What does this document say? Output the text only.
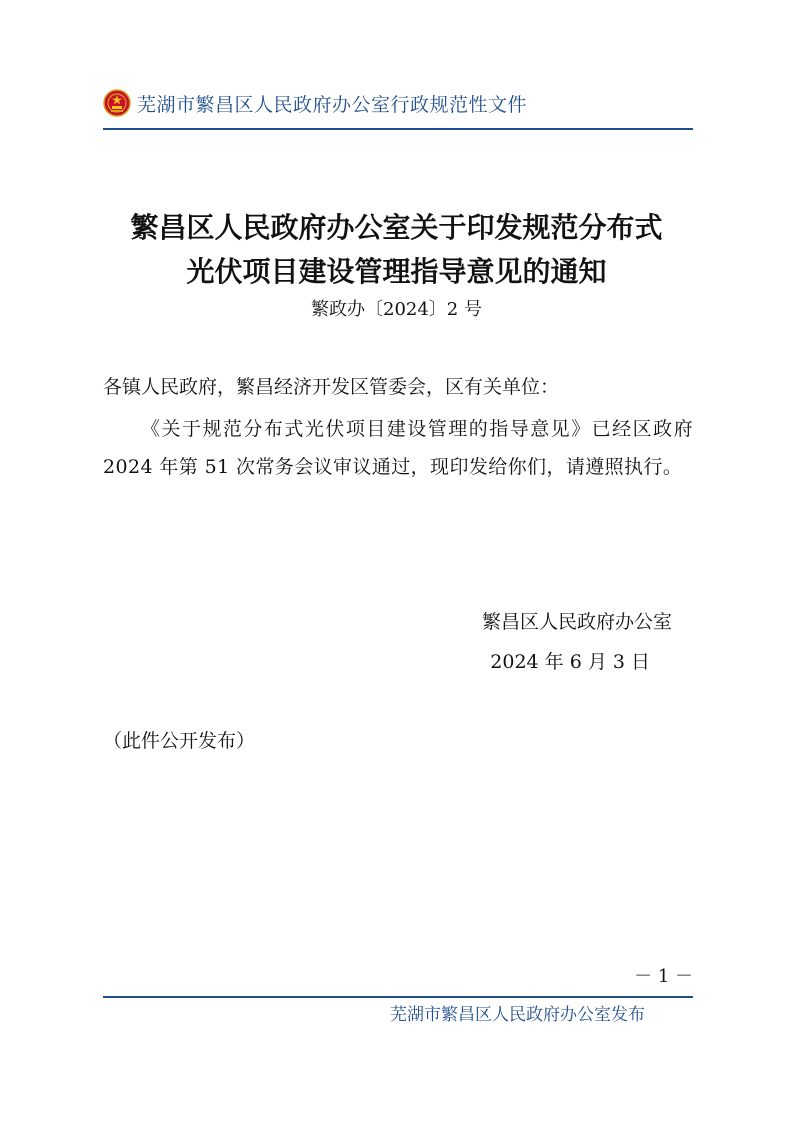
芜湖市繁昌区人民政府办公室行政规范性文件
繁昌区人民政府办公室关于印发规范分布式
光伏项目建设管理指导意见的通知
繁政办〔2024〕2 号
各镇人民政府，繁昌经济开发区管委会，区有关单位：
《关于规范分布式光伏项目建设管理的指导意见》已经区政府 2024 年第 51 次常务会议审议通过，现印发给你们，请遵照执行。
繁昌区人民政府办公室
2024 年 6 月 3 日
（此件公开发布）
－ 1 －
芜湖市繁昌区人民政府办公室发布
